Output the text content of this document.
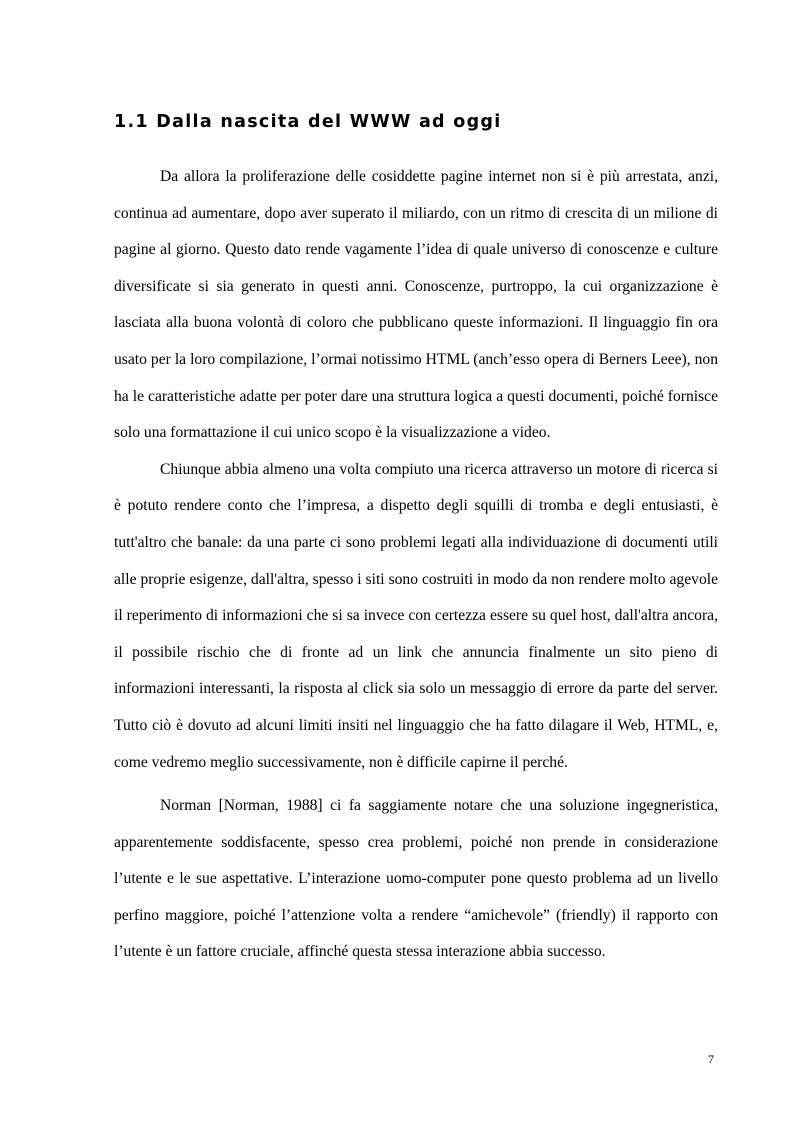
1.1 Dalla nascita del WWW ad oggi

Da allora la proliferazione delle cosiddette pagine internet non si è più arrestata, anzi, continua ad aumentare, dopo aver superato il miliardo, con un ritmo di crescita di un milione di pagine al giorno. Questo dato rende vagamente l’idea di quale universo di conoscenze e culture diversificate si sia generato in questi anni. Conoscenze, purtroppo, la cui organizzazione è lasciata alla buona volontà di coloro che pubblicano queste informazioni. Il linguaggio fin ora usato per la loro compilazione, l’ormai notissimo HTML (anch’esso opera di Berners Leee), non ha le caratteristiche adatte per poter dare una struttura logica a questi documenti, poiché fornisce solo una formattazione il cui unico scopo è la visualizzazione a video.

Chiunque abbia almeno una volta compiuto una ricerca attraverso un motore di ricerca si è potuto rendere conto che l’impresa, a dispetto degli squilli di tromba e degli entusiasti, è tutt'altro che banale: da una parte ci sono problemi legati alla individuazione di documenti utili alle proprie esigenze, dall'altra, spesso i siti sono costruiti in modo da non rendere molto agevole il reperimento di informazioni che si sa invece con certezza essere su quel host, dall'altra ancora, il possibile rischio che di fronte ad un link che annuncia finalmente un sito pieno di informazioni interessanti, la risposta al click sia solo un messaggio di errore da parte del server. Tutto ciò è dovuto ad alcuni limiti insiti nel linguaggio che ha fatto dilagare il Web, HTML, e, come vedremo meglio successivamente, non è difficile capirne il perché.

Norman [Norman, 1988] ci fa saggiamente notare che una soluzione ingegneristica, apparentemente soddisfacente, spesso crea problemi, poiché non prende in considerazione l’utente e le sue aspettative. L’interazione uomo-computer pone questo problema ad un livello perfino maggiore, poiché l’attenzione volta a rendere “amichevole” (friendly) il rapporto con l’utente è un fattore cruciale, affinché questa stessa interazione abbia successo.

7
